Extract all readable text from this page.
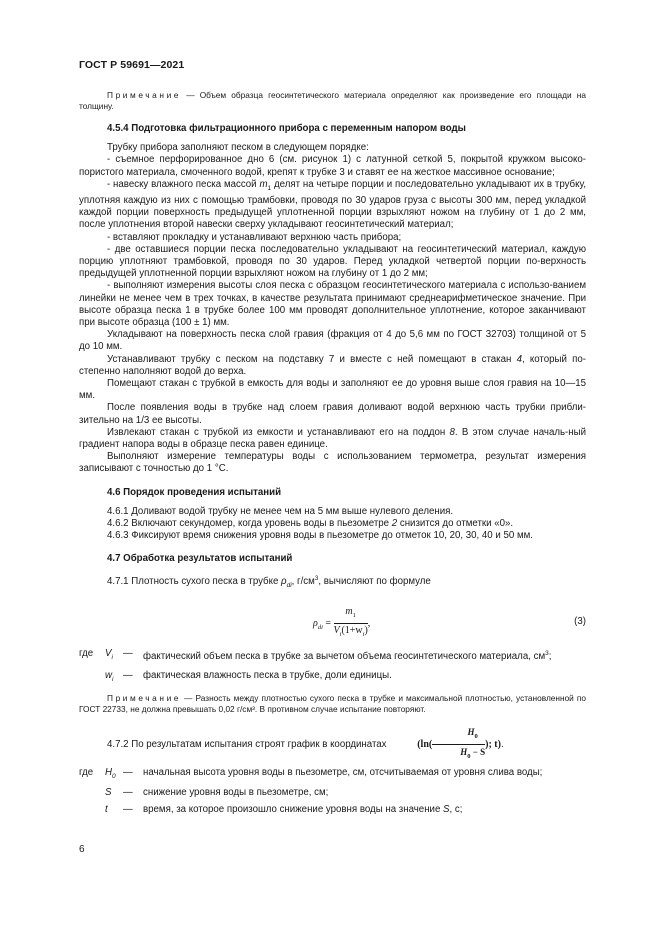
ГОСТ Р 59691—2021

Примечание — Объем образца геосинтетического материала определяют как произведение его площади на толщину.

4.5.4 Подготовка фильтрационного прибора с переменным напором воды

Трубку прибора заполняют песком в следующем порядке:

- съемное перфорированное дно 6 (см. рисунок 1) с латунной сеткой 5, покрытой кружком высоко-пористого материала, смоченного водой, крепят к трубке 3 и ставят ее на жесткое массивное основание;

- навеску влажного песка массой $m_1$ делят на четыре порции и последовательно укладывают их в трубку, уплотняя каждую из них с помощью трамбовки, проводя по 30 ударов груза с высоты 300 мм, перед укладкой каждой порции поверхность предыдущей уплотненной порции взрыхляют ножом на глубину от 1 до 2 мм, после уплотнения второй навески сверху укладывают геосинтетический материал;

- вставляют прокладку и устанавливают верхнюю часть прибора;

- две оставшиеся порции песка последовательно укладывают на геосинтетический материал, каждую порцию уплотняют трамбовкой, проводя по 30 ударов. Перед укладкой четвертой порции по-верхность предыдущей уплотненной порции взрыхляют ножом на глубину от 1 до 2 мм;

- выполняют измерения высоты слоя песка с образцом геосинтетического материала с использо-ванием линейки не менее чем в трех точках, в качестве результата принимают среднеарифметическое значение. При высоте образца песка 1 в трубке более 100 мм проводят дополнительное уплотнение, которое заканчивают при высоте образца (100 ± 1) мм.

Укладывают на поверхность песка слой гравия (фракция от 4 до 5,6 мм по ГОСТ 32703) толщиной от 5 до 10 мм.

Устанавливают трубку с песком на подставку 7 и вместе с ней помещают в стакан 4, который по-степенно наполняют водой до верха.

Помещают стакан с трубкой в емкость для воды и заполняют ее до уровня выше слоя гравия на 10—15 мм.

После появления воды в трубке над слоем гравия доливают водой верхнюю часть трубки прибли-зительно на 1/3 ее высоты.

Извлекают стакан с трубкой из емкости и устанавливают его на поддон 8. В этом случае началь-ный градиент напора воды в образце песка равен единице.

Выполняют измерение температуры воды с использованием термометра, результат измерения записывают с точностью до 1 °С.

4.6 Порядок проведения испытаний

4.6.1 Доливают водой трубку не менее чем на 5 мм выше нулевого деления.

4.6.2 Включают секундомер, когда уровень воды в пьезометре 2 снизится до отметки «0».

4.6.3 Фиксируют время снижения уровня воды в пьезометре до отметок 10, 20, 30, 40 и 50 мм.

4.7 Обработка результатов испытаний

4.7.1 Плотность сухого песка в трубке $\rho_{di}$, $г/см^3$, вычисляют по формуле

$\rho_{di} = \frac{m_1}{V_i(1+w_i)}$ ,	(3)
где	$V_i$	—	фактический объем песка в трубке за вычетом объема геосинтетического материала, $см^3$;
$w_i$ —	фактическая влажность песка в трубке, доли единицы.

Примечание — Разность между плотностью сухого песка в трубке и максимальной плотностью, установленной по ГОСТ 22733, не должна превышать 0,02 г/см³. В противном случае испытание повторяют.

4.7.2 По результатам испытания строят график в координатах	($\ln( \frac{H_0}{H_0 - S}$ ); t).

где	$H_0$ —	начальная высота уровня воды в пьезометре, см, отсчитываемая от уровня слива воды;
S	—	снижение уровня воды в пьезометре, см;
t	—	время, за которое произошло снижение уровня воды на значение S, с;
6
